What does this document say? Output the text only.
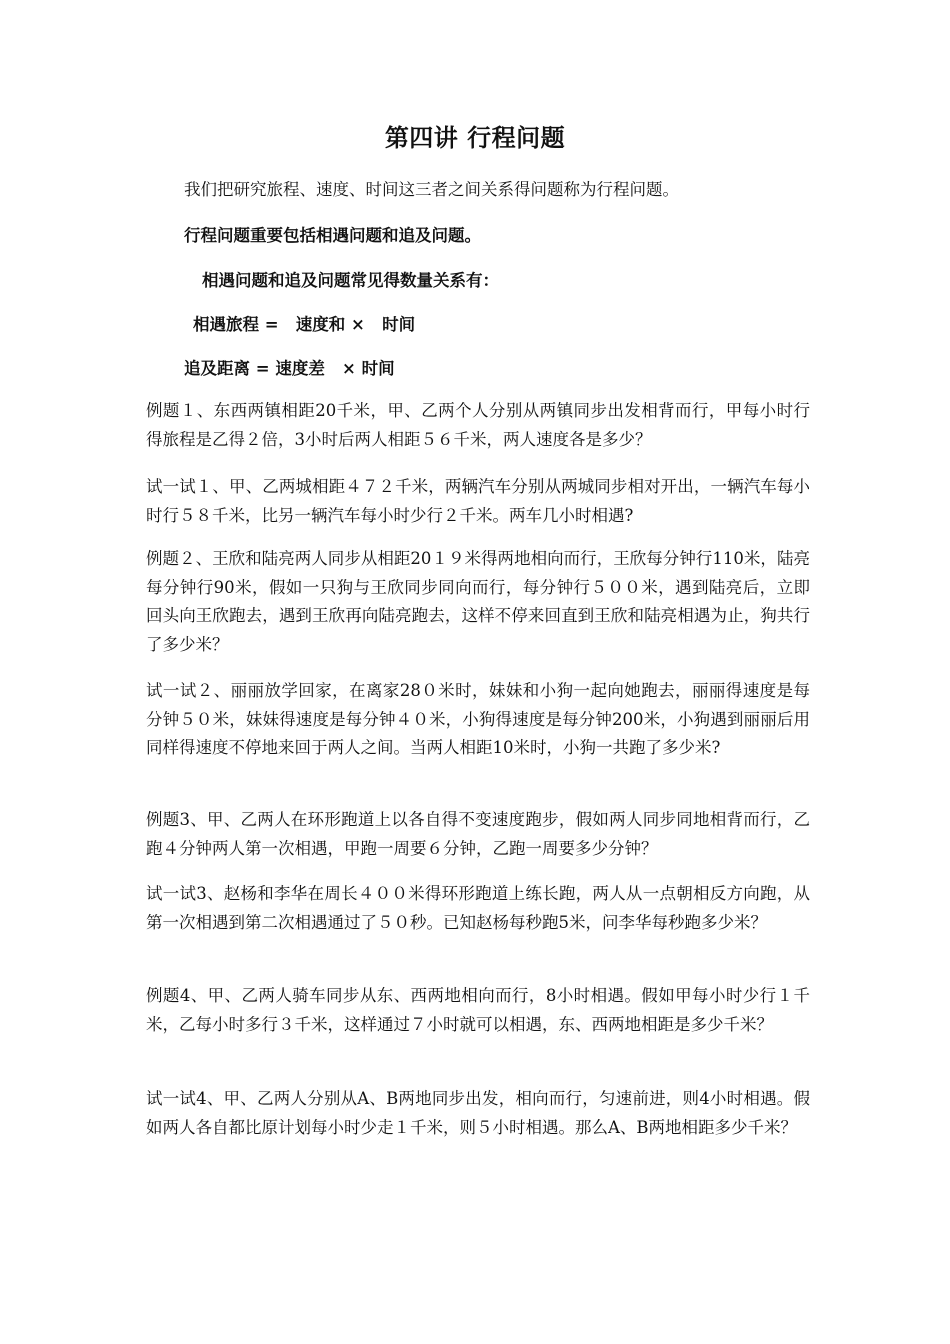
第四讲 行程问题
我们把研究旅程、速度、时间这三者之间关系得问题称为行程问题。
行程问题重要包括相遇问题和追及问题。
相遇问题和追及问题常见得数量关系有：
相遇旅程 =   速度和 ×   时间
追及距离 = 速度差   × 时间
例题１、东西两镇相距20千米，甲、乙两个人分别从两镇同步出发相背而行，甲每小时行得旅程是乙得２倍，3小时后两人相距５６千米，两人速度各是多少？
试一试１、甲、乙两城相距４７２千米，两辆汽车分别从两城同步相对开出，一辆汽车每小时行５８千米，比另一辆汽车每小时少行２千米。两车几小时相遇?
例题２、王欣和陆亮两人同步从相距20１９米得两地相向而行，王欣每分钟行110米，陆亮每分钟行90米，假如一只狗与王欣同步同向而行，每分钟行５００米，遇到陆亮后，立即回头向王欣跑去，遇到王欣再向陆亮跑去，这样不停来回直到王欣和陆亮相遇为止，狗共行了多少米？
试一试２、丽丽放学回家，在离家28０米时，妹妹和小狗一起向她跑去，丽丽得速度是每分钟５０米，妹妹得速度是每分钟４０米，小狗得速度是每分钟200米，小狗遇到丽丽后用同样得速度不停地来回于两人之间。当两人相距10米时，小狗一共跑了多少米?
例题3、甲、乙两人在环形跑道上以各自得不变速度跑步，假如两人同步同地相背而行，乙跑４分钟两人第一次相遇，甲跑一周要６分钟，乙跑一周要多少分钟？
试一试3、赵杨和李华在周长４００米得环形跑道上练长跑，两人从一点朝相反方向跑，从第一次相遇到第二次相遇通过了５０秒。已知赵杨每秒跑5米，问李华每秒跑多少米？
例题4、甲、乙两人骑车同步从东、西两地相向而行，8小时相遇。假如甲每小时少行１千米，乙每小时多行３千米，这样通过７小时就可以相遇，东、西两地相距是多少千米？
试一试4、甲、乙两人分别从A、B两地同步出发，相向而行，匀速前进，则4小时相遇。假如两人各自都比原计划每小时少走１千米，则５小时相遇。那么A、B两地相距多少千米？
